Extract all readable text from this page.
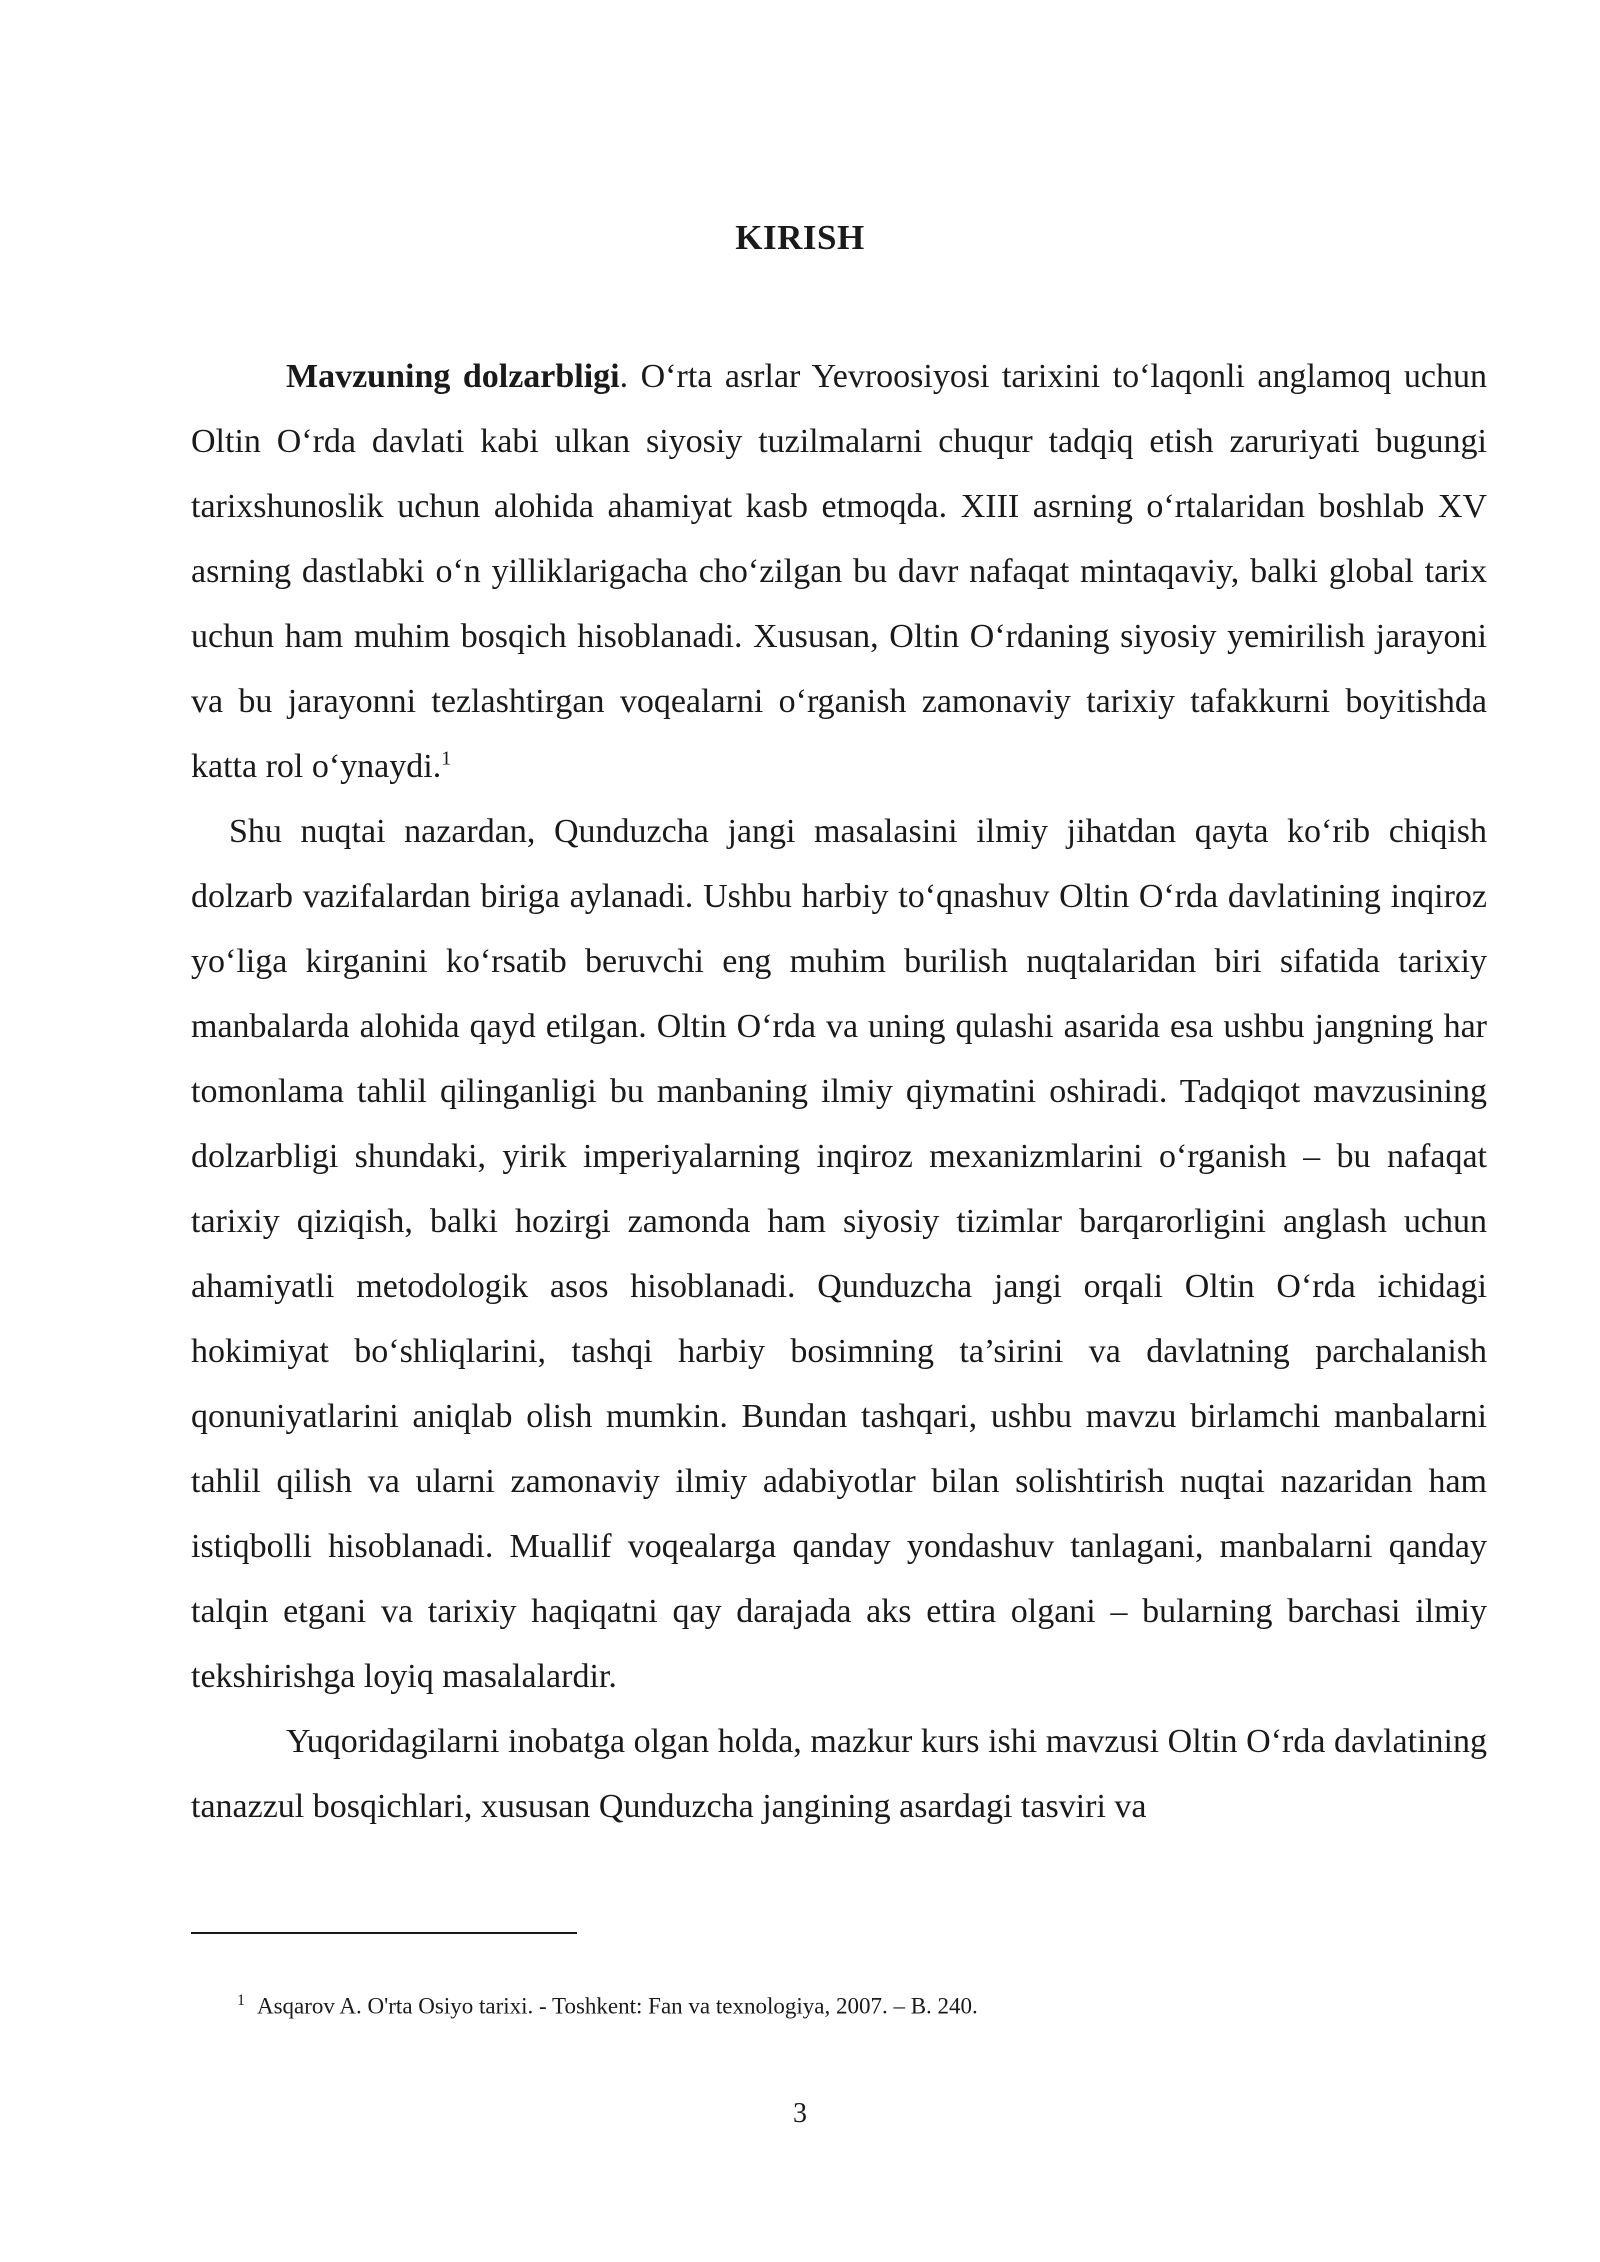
KIRISH

Mavzuning dolzarbligi. O‘rta asrlar Yevroosiyosi tarixini to‘laqonli anglamoq uchun Oltin O‘rda davlati kabi ulkan siyosiy tuzilmalarni chuqur tadqiq etish zaruriyati bugungi tarixshunoslik uchun alohida ahamiyat kasb etmoqda. XIII asrning o‘rtalaridan boshlab XV asrning dastlabki o‘n yilliklarigacha cho‘zilgan bu davr nafaqat mintaqaviy, balki global tarix uchun ham muhim bosqich hisoblanadi. Xususan, Oltin O‘rdaning siyosiy yemirilish jarayoni va bu jarayonni tezlashtirgan voqealarni o‘rganish zamonaviy tarixiy tafakkurni boyitishda katta rol o‘ynaydi.$^1$

Shu nuqtai nazardan, Qunduzcha jangi masalasini ilmiy jihatdan qayta ko‘rib chiqish dolzarb vazifalardan biriga aylanadi. Ushbu harbiy to‘qnashuv Oltin O‘rda davlatining inqiroz yo‘liga kirganini ko‘rsatib beruvchi eng muhim burilish nuqtalaridan biri sifatida tarixiy manbalarda alohida qayd etilgan. Oltin O‘rda va uning qulashi asarida esa ushbu jangning har tomonlama tahlil qilinganligi bu manbaning ilmiy qiymatini oshiradi. Tadqiqot mavzusining dolzarbligi shundaki, yirik imperiyalarning inqiroz mexanizmlarini o‘rganish – bu nafaqat tarixiy qiziqish, balki hozirgi zamonda ham siyosiy tizimlar barqarorligini anglash uchun ahamiyatli metodologik asos hisoblanadi. Qunduzcha jangi orqali Oltin O‘rda ichidagi hokimiyat bo‘shliqlarini, tashqi harbiy bosimning ta’sirini va davlatning parchalanish qonuniyatlarini aniqlab olish mumkin. Bundan tashqari, ushbu mavzu birlamchi manbalarni tahlil qilish va ularni zamonaviy ilmiy adabiyotlar bilan solishtirish nuqtai nazaridan ham istiqbolli hisoblanadi. Muallif voqealarga qanday yondashuv tanlagani, manbalarni qanday talqin etgani va tarixiy haqiqatni qay darajada aks ettira olgani – bularning barchasi ilmiy tekshirishga loyiq masalalardir.

Yuqoridagilarni inobatga olgan holda, mazkur kurs ishi mavzusi Oltin O‘rda davlatining tanazzul bosqichlari, xususan Qunduzcha jangining asardagi tasviri va

$^1$ Asqarov A. O'rta Osiyo tarixi. - Toshkent: Fan va texnologiya, 2007. – B. 240.
3
